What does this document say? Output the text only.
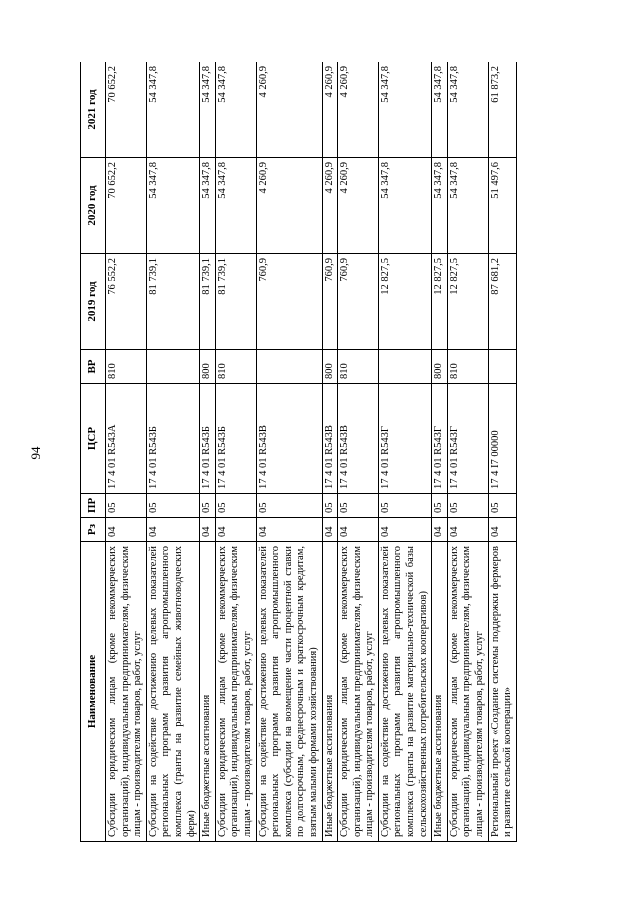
94
Наименование	Рз	ПР	ЦСР	ВР	2019 год	2020 год	2021 год
Субсидии юридическим лицам (кроме некоммерческих организаций), индивидуальным предпринимателям, физическим лицам - производителям товаров, работ, услуг	04	05	17 4 01 R543А	810	76 552,2	70 652,2	70 652,2
Субсидии на содействие достижению целевых показателей региональных программ развития агропромышленного комплекса (гранты на развитие семейных животноводческих ферм)	04	05	17 4 01 R543Б		81 739,1	54 347,8	54 347,8
Иные бюджетные ассигнования	04	05	17 4 01 R543Б	800	81 739,1	54 347,8	54 347,8
Субсидии юридическим лицам (кроме некоммерческих организаций), индивидуальным предпринимателям, физическим лицам - производителям товаров, работ, услуг	04	05	17 4 01 R543Б	810	81 739,1	54 347,8	54 347,8
Субсидии на содействие достижению целевых показателей региональных программ развития агропромышленного комплекса (субсидии на возмещение части процентной ставки по долгосрочным, среднесрочным и краткосрочным кредитам, взятым малыми формами хозяйствования)	04	05	17 4 01 R543В		760,9	4 260,9	4 260,9
Иные бюджетные ассигнования	04	05	17 4 01 R543В	800	760,9	4 260,9	4 260,9
Субсидии юридическим лицам (кроме некоммерческих организаций), индивидуальным предпринимателям, физическим лицам - производителям товаров, работ, услуг	04	05	17 4 01 R543В	810	760,9	4 260,9	4 260,9
Субсидии на содействие достижению целевых показателей региональных программ развития агропромышленного комплекса (гранты на развитие материально-технической базы сельскохозяйственных потребительских кооперативов)	04	05	17 4 01 R543Г		12 827,5	54 347,8	54 347,8
Иные бюджетные ассигнования	04	05	17 4 01 R543Г	800	12 827,5	54 347,8	54 347,8
Субсидии юридическим лицам (кроме некоммерческих организаций), индивидуальным предпринимателям, физическим лицам - производителям товаров, работ, услуг	04	05	17 4 01 R543Г	810	12 827,5	54 347,8	54 347,8
Региональный проект «Создание системы поддержки фермеров и развитие сельской кооперации»	04	05	17 4 I7 00000		87 681,2	51 497,6	61 873,2
